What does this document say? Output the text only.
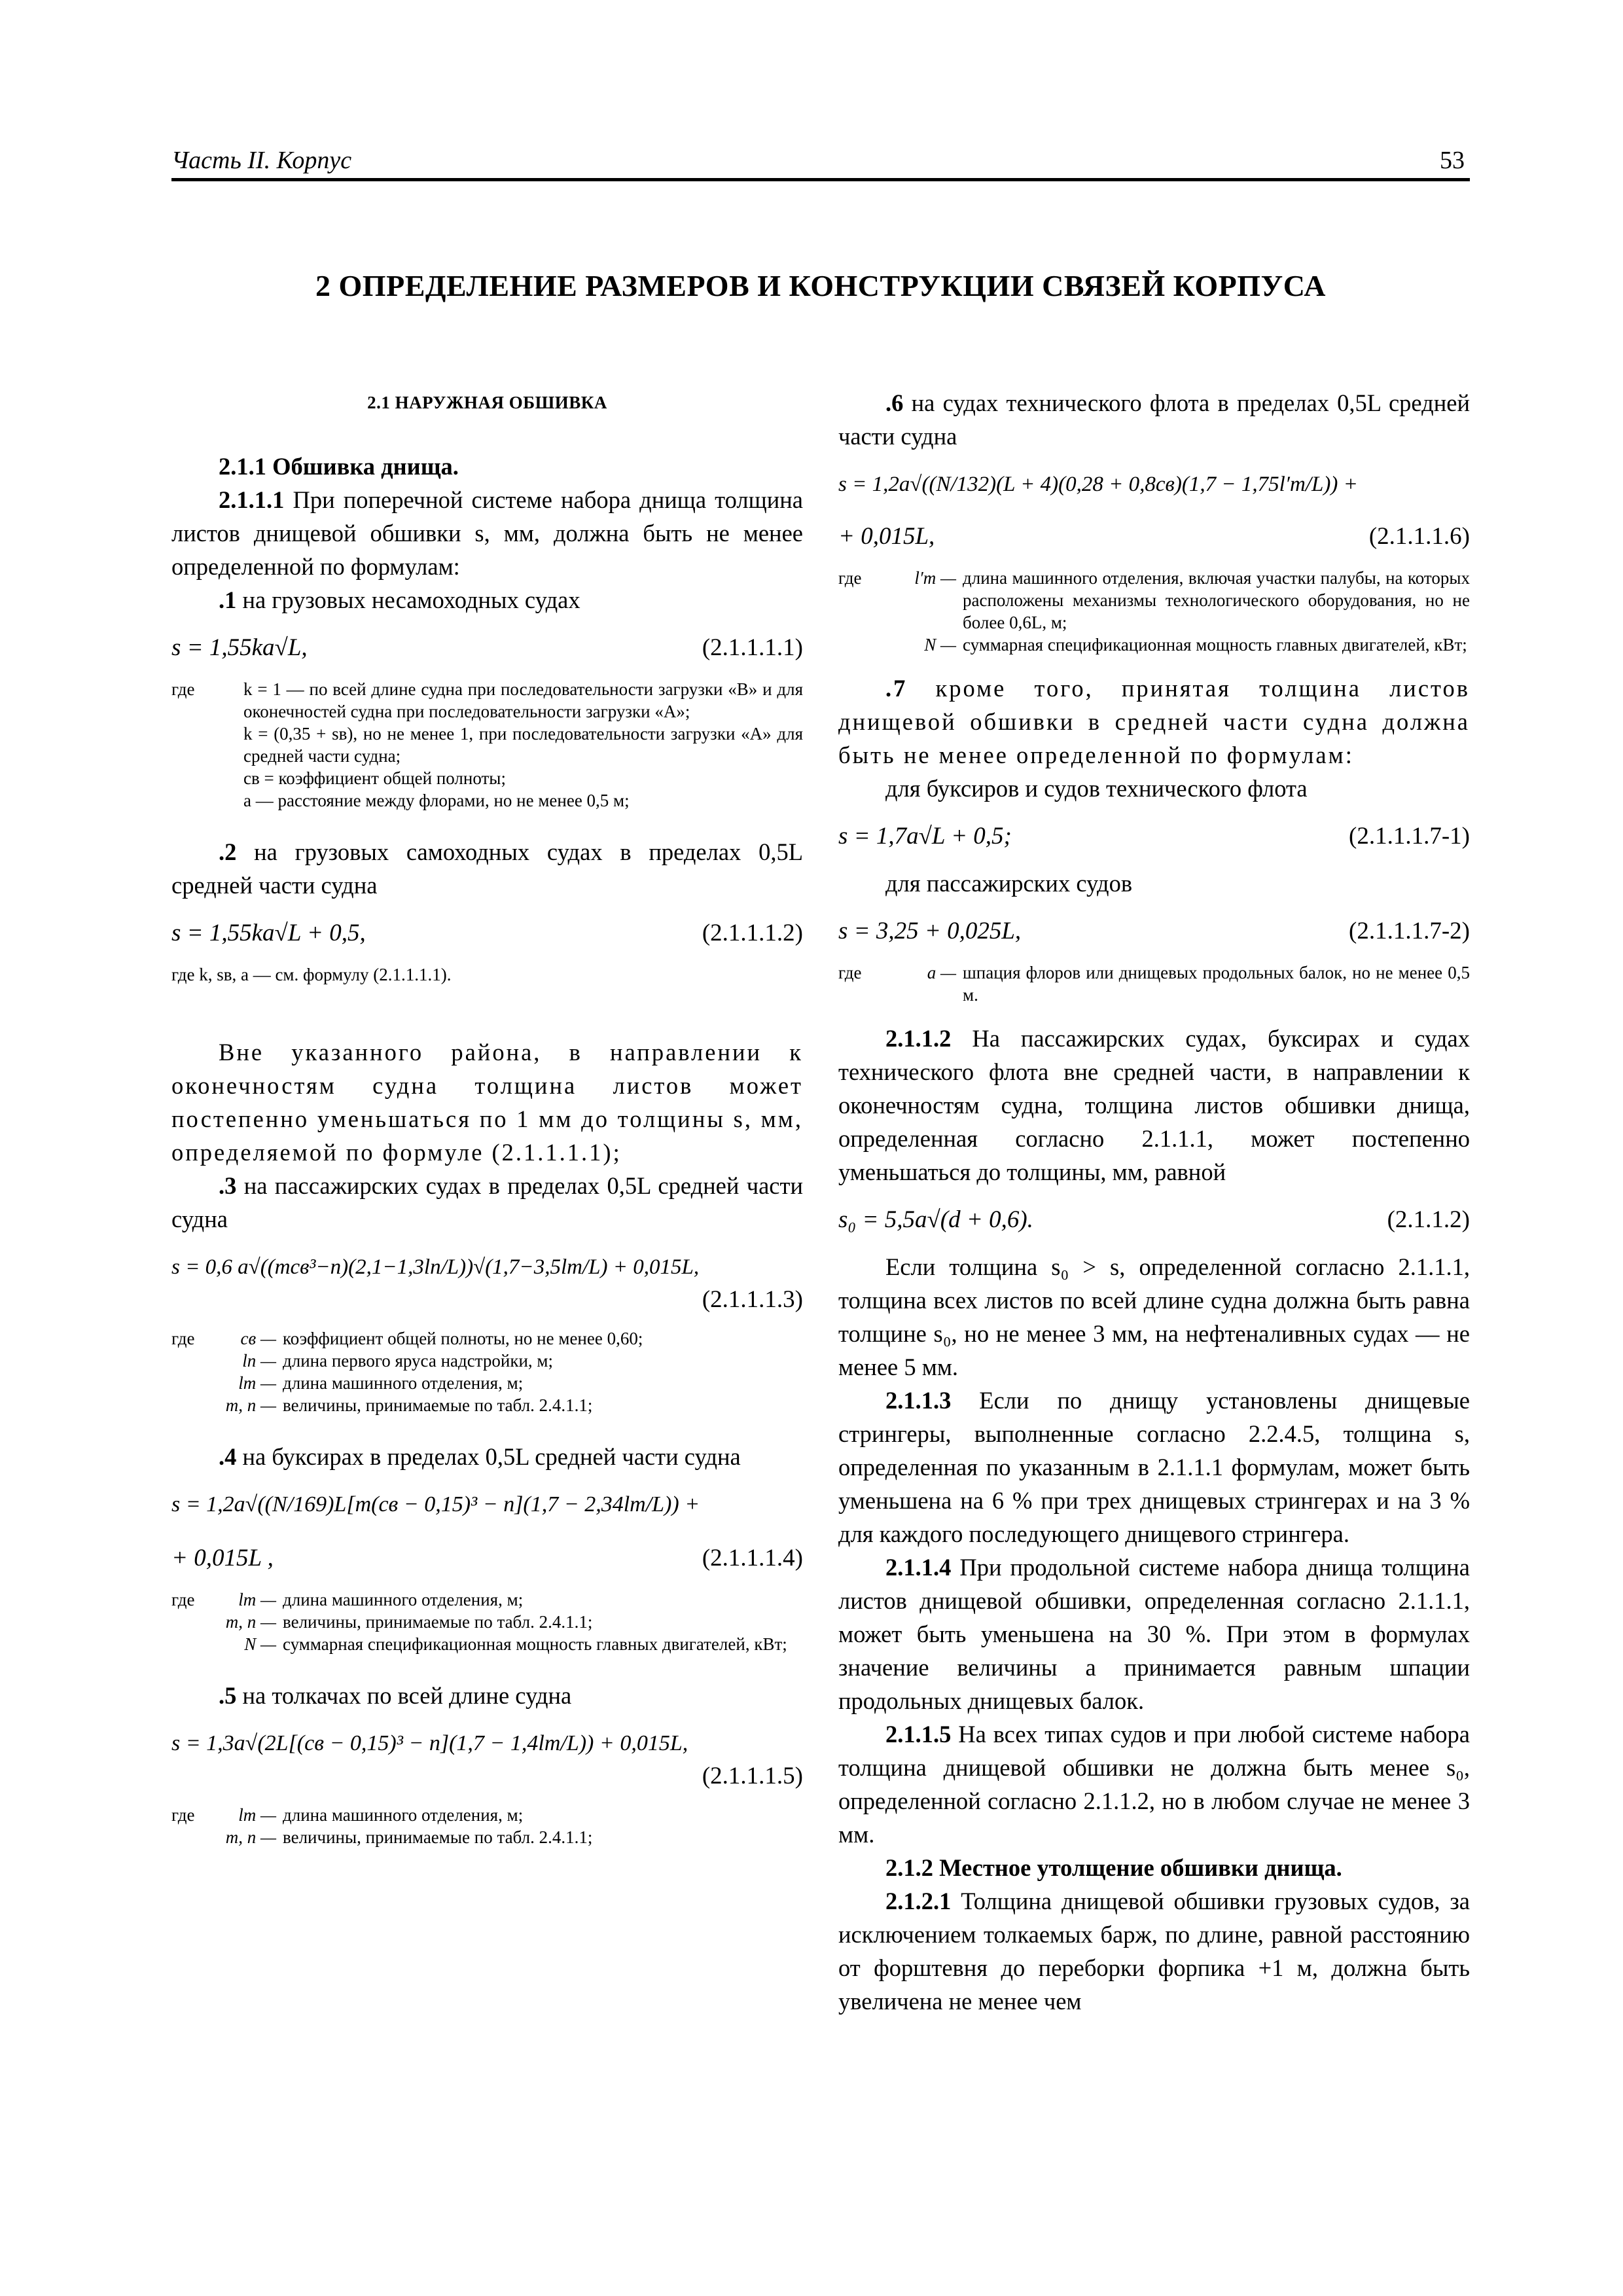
Часть II. Корпус	53
2 ОПРЕДЕЛЕНИЕ РАЗМЕРОВ И КОНСТРУКЦИИ СВЯЗЕЙ КОРПУСА
2.1 НАРУЖНАЯ ОБШИВКА
2.1.1 Обшивка днища.

2.1.1.1 При поперечной системе набора днища толщина листов днищевой обшивки s, мм, должна быть не менее определенной по формулам:

.1 на грузовых несамоходных судах

s = 1,55ka√L,	(2.1.1.1.1)
где	k = 1 — по всей длине судна при последовательности загрузки «В» и для оконечностей судна при последовательности загрузки «А»;
k = (0,35 + sв), но не менее 1, при последовательности загрузки «А» для средней части судна;
cв = коэффициент общей полноты;
a — расстояние между флорами, но не менее 0,5 м;

.2 на грузовых самоходных судах в пределах 0,5L средней части судна

s = 1,55ka√L + 0,5,	(2.1.1.1.2)
где k, sв, a — см. формулу (2.1.1.1.1).

Вне указанного района, в направлении к оконечностям судна толщина листов может постепенно уменьшаться по 1 мм до толщины s, мм, определяемой по формуле (2.1.1.1.1);

.3 на пассажирских судах в пределах 0,5L средней части судна

s = 0,6 a√((mcв³−n)(2,1−1,3ln/L))√(1,7−3,5lm/L) + 0,015L,
(2.1.1.1.3)
где	cв — коэффициент общей полноты, но не менее 0,60;
ln — длина первого яруса надстройки, м;
lm — длина машинного отделения, м;
m, n — величины, принимаемые по табл. 2.4.1.1;

.4 на буксирах в пределах 0,5L средней части судна

s = 1,2a√((N/169)L[m(cв − 0,15)³ − n](1,7 − 2,34lm/L)) +
+ 0,015L ,	(2.1.1.1.4)
где	lm — длина машинного отделения, м;
m, n — величины, принимаемые по табл. 2.4.1.1;
N — суммарная спецификационная мощность главных двигателей, кВт;

.5 на толкачах по всей длине судна

s = 1,3a√(2L[(cв − 0,15)³ − n](1,7 − 1,4lm/L)) + 0,015L,
(2.1.1.1.5)
где	lm — длина машинного отделения, м;
m, n — величины, принимаемые по табл. 2.4.1.1;

.6 на судах технического флота в пределах 0,5L средней части судна

s = 1,2a√((N/132)(L + 4)(0,28 + 0,8cв)(1,7 − 1,75l′m/L)) +
+ 0,015L,	(2.1.1.1.6)
где	l′m — длина машинного отделения, включая участки палубы, на которых расположены механизмы технологического оборудования, но не более 0,6L, м;
N — суммарная спецификационная мощность главных двигателей, кВт;

.7 кроме того, принятая толщина листов днищевой обшивки в средней части судна должна быть не менее определенной по формулам:

для буксиров и судов технического флота

s = 1,7a√L + 0,5;	(2.1.1.1.7-1)

для пассажирских судов

s = 3,25 + 0,025L,	(2.1.1.1.7-2)
где	a — шпация флоров или днищевых продольных балок, но не менее 0,5 м.

2.1.1.2 На пассажирских судах, буксирах и судах технического флота вне средней части, в направлении к оконечностям судна, толщина листов обшивки днища, определенная согласно 2.1.1.1, может постепенно уменьшаться до толщины, мм, равной

s₀ = 5,5a√(d + 0,6).	(2.1.1.2)

Если толщина s₀ > s, определенной согласно 2.1.1.1, толщина всех листов по всей длине судна должна быть равна толщине s₀, но не менее 3 мм, на нефтеналивных судах — не менее 5 мм.

2.1.1.3 Если по днищу установлены днищевые стрингеры, выполненные согласно 2.2.4.5, толщина s, определенная по указанным в 2.1.1.1 формулам, может быть уменьшена на 6 % при трех днищевых стрингерах и на 3 % для каждого последующего днищевого стрингера.

2.1.1.4 При продольной системе набора днища толщина листов днищевой обшивки, определенная согласно 2.1.1.1, может быть уменьшена на 30 %. При этом в формулах значение величины a принимается равным шпации продольных днищевых балок.

2.1.1.5 На всех типах судов и при любой системе набора толщина днищевой обшивки не должна быть менее s₀, определенной согласно 2.1.1.2, но в любом случае не менее 3 мм.

2.1.2 Местное утолщение обшивки днища.

2.1.2.1 Толщина днищевой обшивки грузовых судов, за исключением толкаемых барж, по длине, равной расстоянию от форштевня до переборки форпика +1 м, должна быть увеличена не менее чем
